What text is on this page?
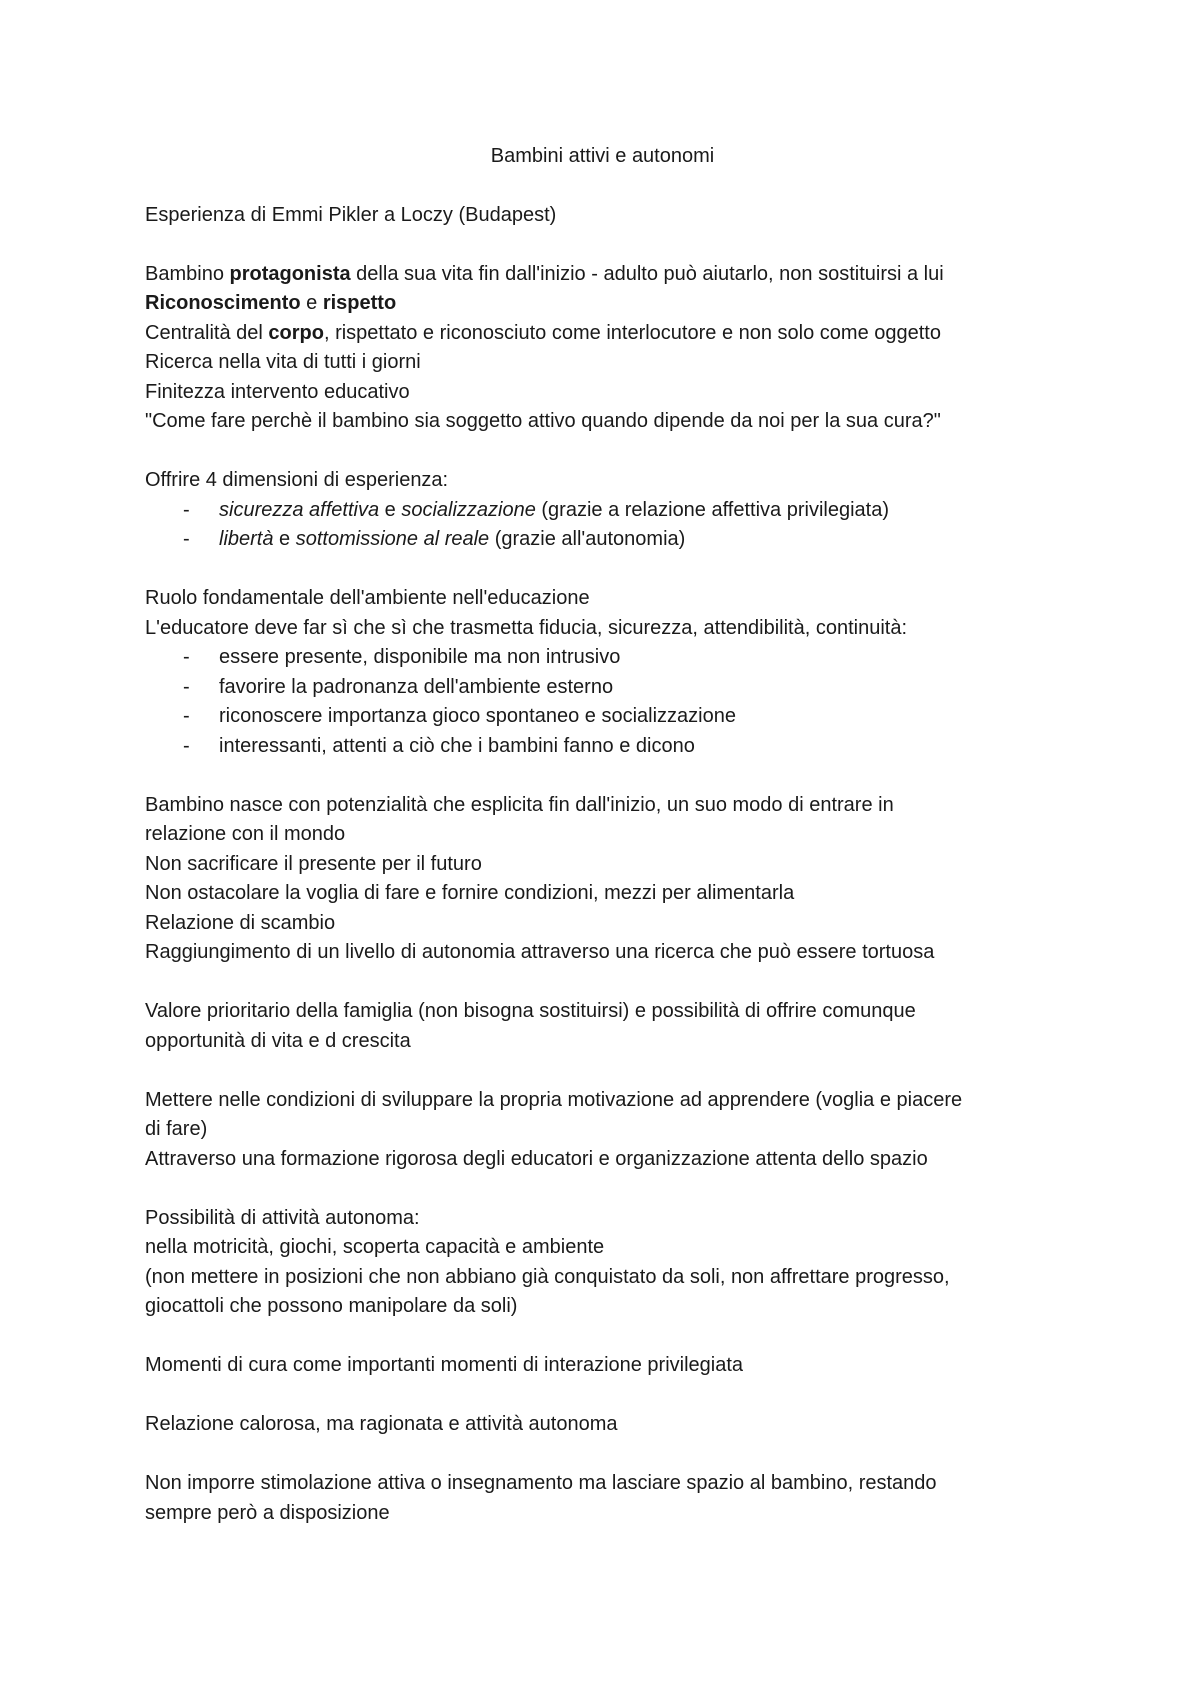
Bambini attivi e autonomi
Esperienza di Emmi Pikler a Loczy (Budapest)
Bambino protagonista della sua vita fin dall'inizio - adulto può aiutarlo, non sostituirsi a lui
Riconoscimento e rispetto
Centralità del corpo, rispettato e riconosciuto come interlocutore e non solo come oggetto
Ricerca nella vita di tutti i giorni
Finitezza intervento educativo
"Come fare perchè il bambino sia soggetto attivo quando dipende da noi per la sua cura?"
Offrire 4 dimensioni di esperienza:
- sicurezza affettiva e socializzazione (grazie a relazione affettiva privilegiata)
- libertà e sottomissione al reale (grazie all'autonomia)
Ruolo fondamentale dell'ambiente nell'educazione
L'educatore deve far sì che sì che trasmetta fiducia, sicurezza, attendibilità, continuità:
- essere presente, disponibile ma non intrusivo
- favorire la padronanza dell'ambiente esterno
- riconoscere importanza gioco spontaneo e socializzazione
- interessanti, attenti a ciò che i bambini fanno e dicono
Bambino nasce con potenzialità che esplicita fin dall'inizio, un suo modo di entrare in
relazione con il mondo
Non sacrificare il presente per il futuro
Non ostacolare la voglia di fare e fornire condizioni, mezzi per alimentarla
Relazione di scambio
Raggiungimento di un livello di autonomia attraverso una ricerca che può essere tortuosa
Valore prioritario della famiglia (non bisogna sostituirsi) e possibilità di offrire comunque
opportunità di vita e d crescita
Mettere nelle condizioni di sviluppare la propria motivazione ad apprendere (voglia e piacere
di fare)
Attraverso una formazione rigorosa degli educatori e organizzazione attenta dello spazio
Possibilità di attività autonoma:
nella motricità, giochi, scoperta capacità e ambiente
(non mettere in posizioni che non abbiano già conquistato da soli, non affrettare progresso,
giocattoli che possono manipolare da soli)
Momenti di cura come importanti momenti di interazione privilegiata
Relazione calorosa, ma ragionata e attività autonoma
Non imporre stimolazione attiva o insegnamento ma lasciare spazio al bambino, restando
sempre però a disposizione
